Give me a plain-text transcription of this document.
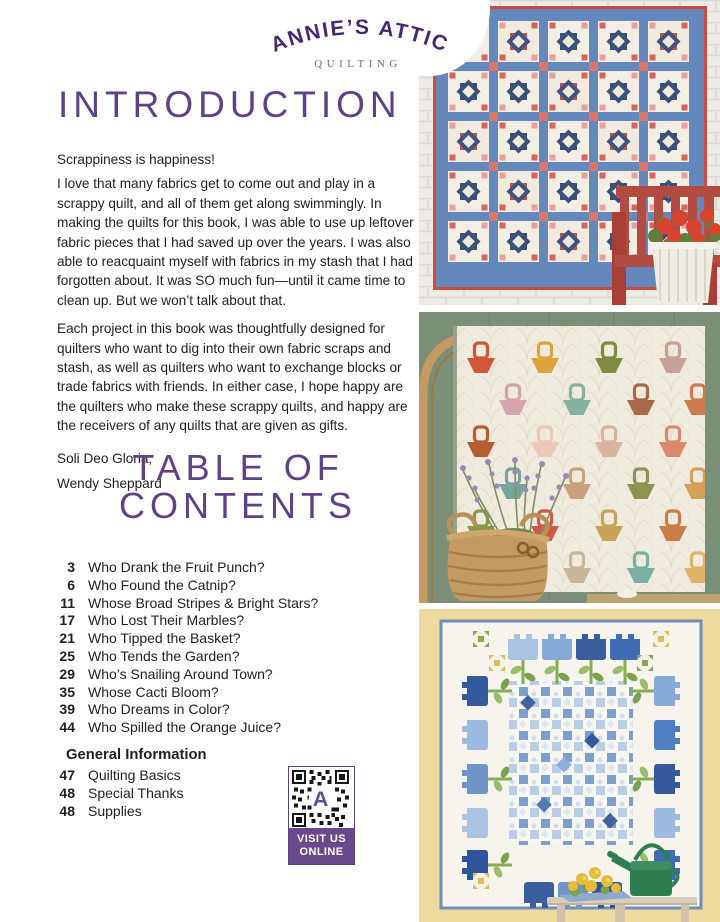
ANNIE’S ATTIC
QUILTING
INTRODUCTION

Scrappiness is happiness!

I love that many fabrics get to come out and play in a scrappy quilt, and all of them get along swimmingly. In making the quilts for this book, I was able to use up leftover fabric pieces that I had saved up over the years. I was also able to reacquaint myself with fabrics in my stash that I had forgotten about. It was SO much fun—until it came time to clean up. But we won’t talk about that.

Each project in this book was thoughtfully designed for quilters who want to dig into their own fabric scraps and stash, as well as quilters who want to exchange blocks or trade fabrics with friends. In either case, I hope happy are the quilters who make these scrappy quilts, and happy are the receivers of any quilts that are given as gifts.

Soli Deo Gloria,

Wendy Sheppard

TABLE OF
CONTENTS
3 Who Drank the Fruit Punch?
6 Who Found the Catnip?
11 Whose Broad Stripes & Bright Stars?
17 Who Lost Their Marbles?
21 Who Tipped the Basket?
25 Who Tends the Garden?
29 Who’s Snailing Around Town?
35 Whose Cacti Bloom?
39 Who Dreams in Color?
44 Who Spilled the Orange Juice?
General Information
47 Quilting Basics
48 Special Thanks
48 Supplies	A
VISIT US
ONLINE
